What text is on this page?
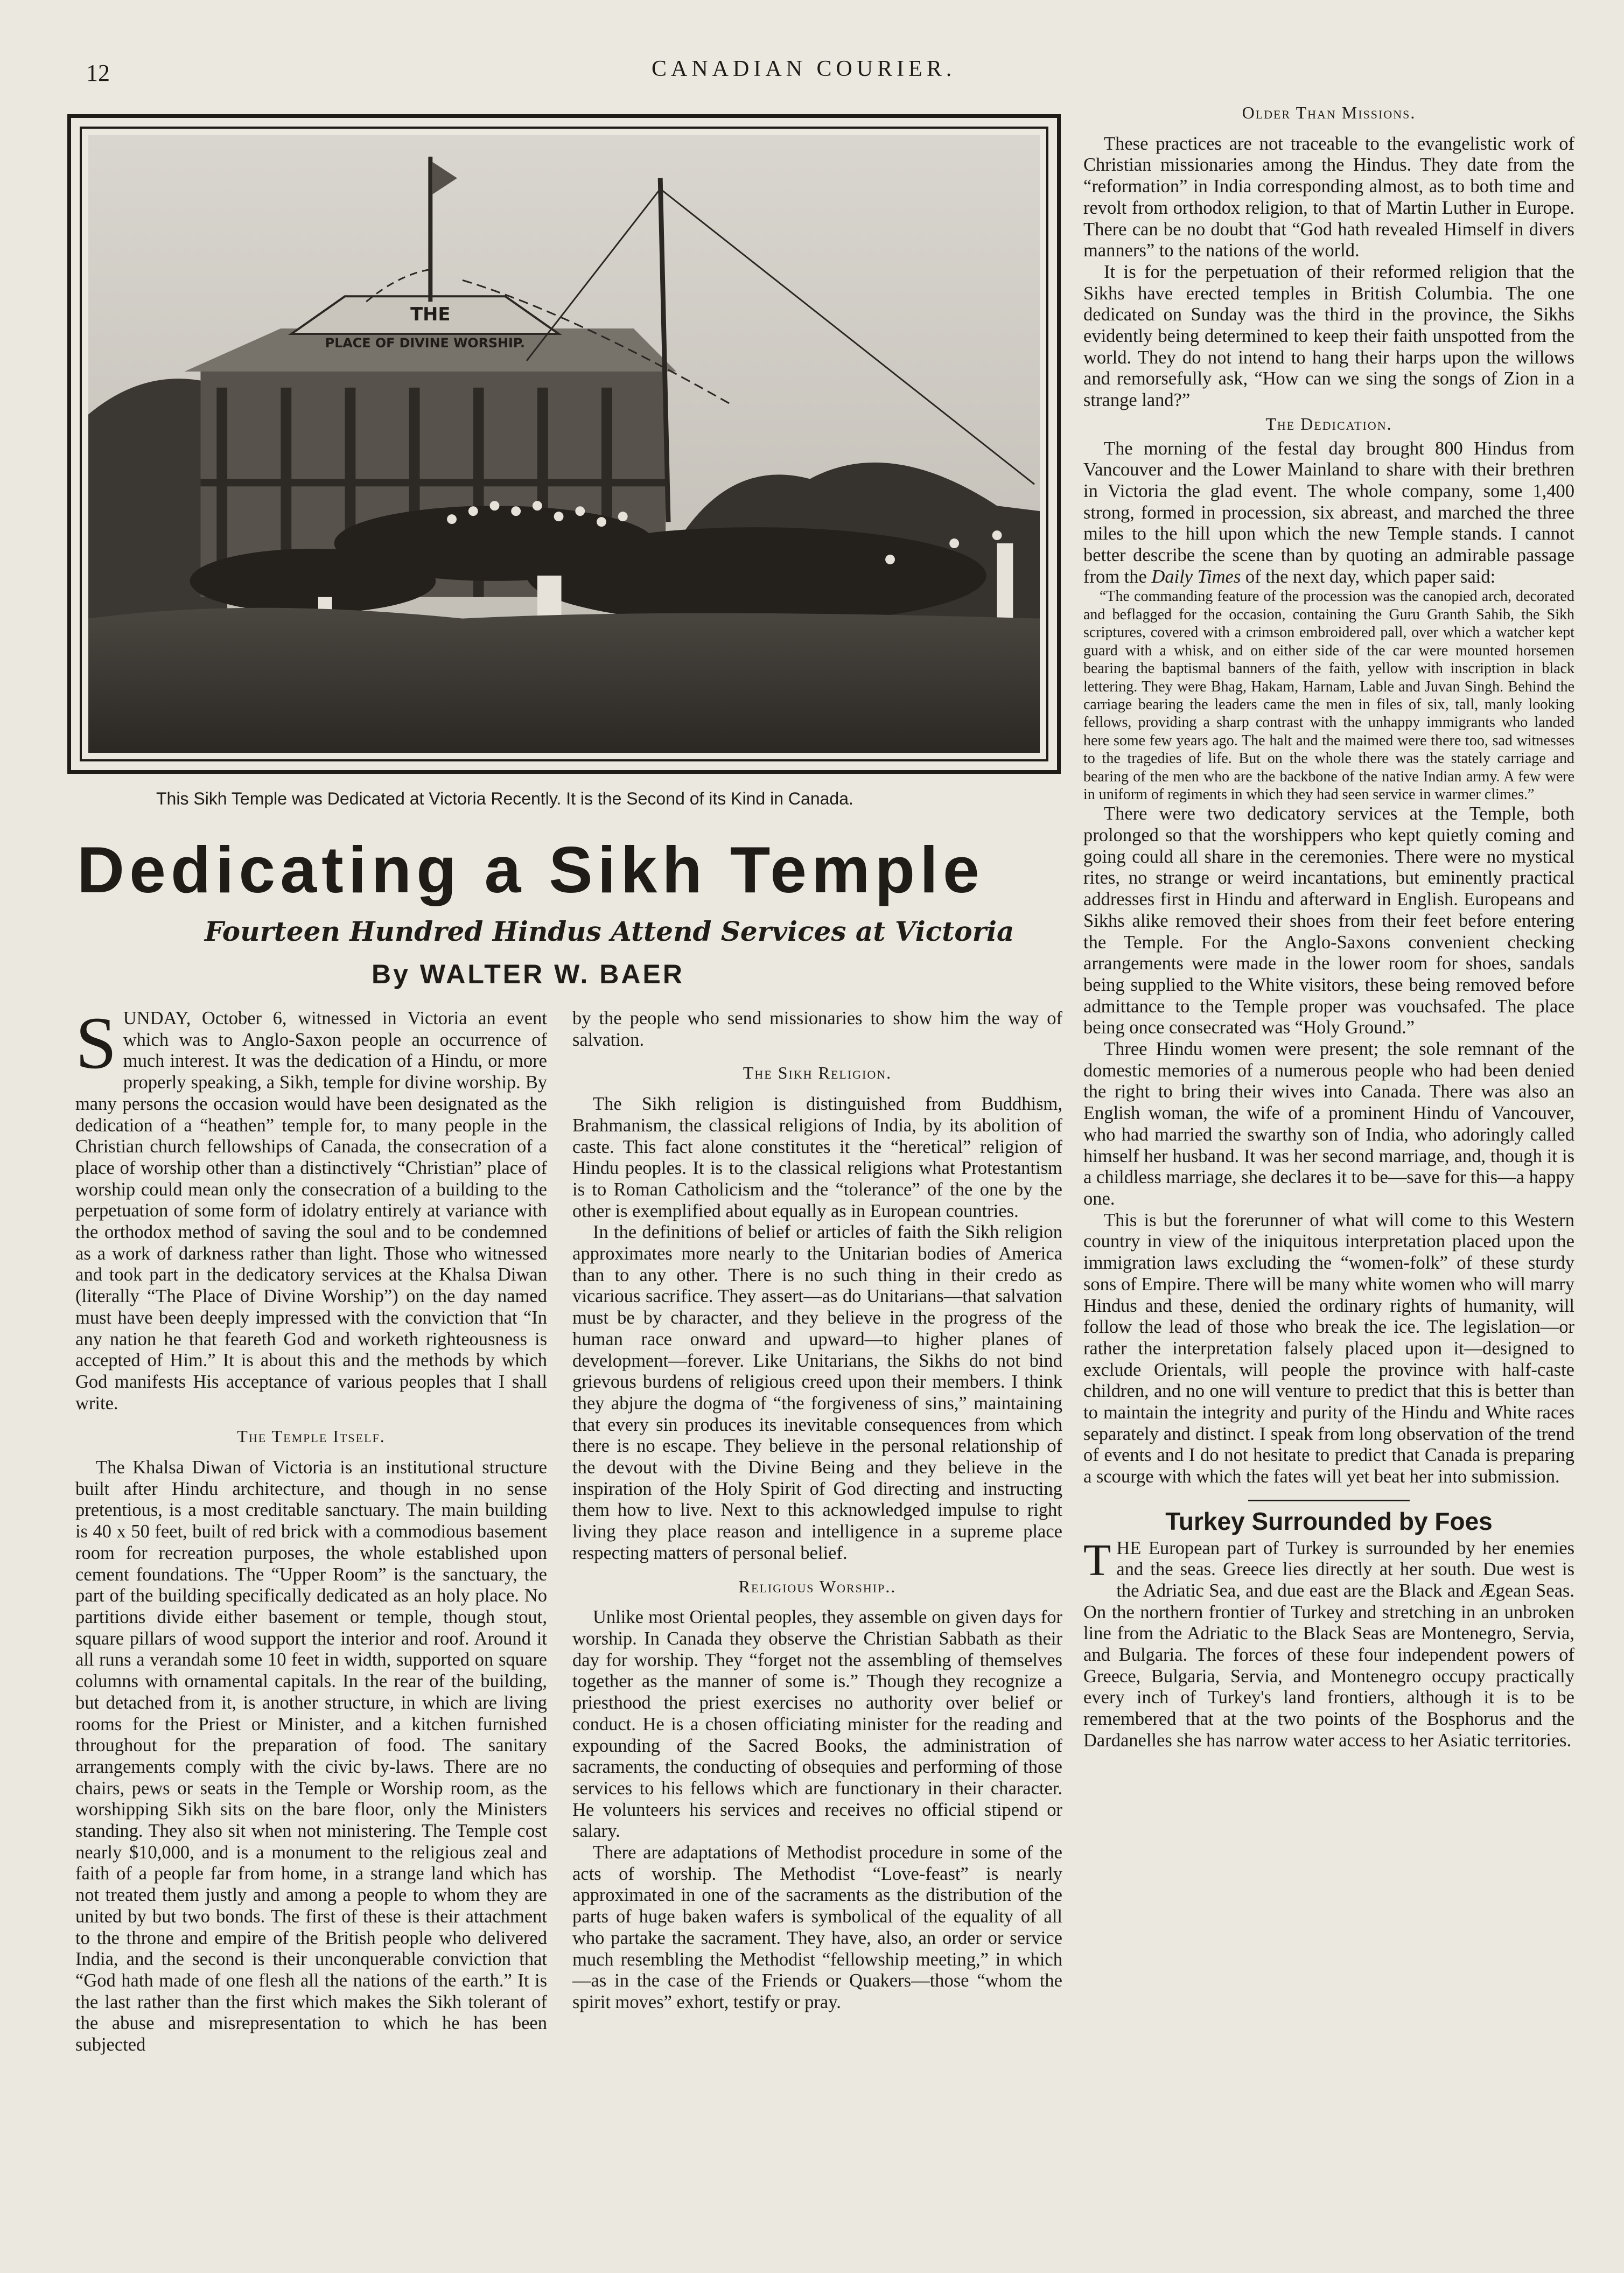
12	CANADIAN COURIER.
THE
PLACE OF DIVINE WORSHIP.
This Sikh Temple was Dedicated at Victoria Recently. It is the Second of its Kind in Canada.
Dedicating a Sikh Temple
Fourteen Hundred Hindus Attend Services at Victoria
By WALTER W. BAER

SUNDAY, October 6, witnessed in Victoria an event which was to Anglo-Saxon people an occurrence of much interest. It was the dedication of a Hindu, or more properly speaking, a Sikh, temple for divine worship. By many persons the occasion would have been designated as the dedication of a “heathen” temple for, to many people in the Christian church fellowships of Canada, the consecration of a place of worship other than a distinctively “Christian” place of worship could mean only the consecration of a building to the perpetuation of some form of idolatry entirely at variance with the orthodox method of saving the soul and to be condemned as a work of darkness rather than light. Those who witnessed and took part in the dedicatory services at the Khalsa Diwan (literally “The Place of Divine Worship”) on the day named must have been deeply impressed with the conviction that “In any nation he that feareth God and worketh righteousness is accepted of Him.” It is about this and the methods by which God manifests His acceptance of various peoples that I shall write.

The Temple Itself.

The Khalsa Diwan of Victoria is an institutional structure built after Hindu architecture, and though in no sense pretentious, is a most creditable sanctuary. The main building is 40 x 50 feet, built of red brick with a commodious basement room for recreation purposes, the whole established upon cement foundations. The “Upper Room” is the sanctuary, the part of the building specifically dedicated as an holy place. No partitions divide either basement or temple, though stout, square pillars of wood support the interior and roof. Around it all runs a verandah some 10 feet in width, supported on square columns with ornamental capitals. In the rear of the building, but detached from it, is another structure, in which are living rooms for the Priest or Minister, and a kitchen furnished throughout for the preparation of food. The sanitary arrangements comply with the civic by-laws. There are no chairs, pews or seats in the Temple or Worship room, as the worshipping Sikh sits on the bare floor, only the Ministers standing. They also sit when not ministering. The Temple cost nearly $10,000, and is a monument to the religious zeal and faith of a people far from home, in a strange land which has not treated them justly and among a people to whom they are united by but two bonds. The first of these is their attachment to the throne and empire of the British people who delivered India, and the second is their unconquerable conviction that “God hath made of one flesh all the nations of the earth.” It is the last rather than the first which makes the Sikh tolerant of the abuse and misrepresentation to which he has been subjected

by the people who send missionaries to show him the way of salvation.

The Sikh Religion.

The Sikh religion is distinguished from Buddhism, Brahmanism, the classical religions of India, by its abolition of caste. This fact alone constitutes it the “heretical” religion of Hindu peoples. It is to the classical religions what Protestantism is to Roman Catholicism and the “tolerance” of the one by the other is exemplified about equally as in European countries.

In the definitions of belief or articles of faith the Sikh religion approximates more nearly to the Unitarian bodies of America than to any other. There is no such thing in their credo as vicarious sacrifice. They assert—as do Unitarians—that salvation must be by character, and they believe in the progress of the human race onward and upward—to higher planes of development—forever. Like Unitarians, the Sikhs do not bind grievous burdens of religious creed upon their members. I think they abjure the dogma of “the forgiveness of sins,” maintaining that every sin produces its inevitable consequences from which there is no escape. They believe in the personal relationship of the devout with the Divine Being and they believe in the inspiration of the Holy Spirit of God directing and instructing them how to live. Next to this acknowledged impulse to right living they place reason and intelligence in a supreme place respecting matters of personal belief.

Religious Worship..

Unlike most Oriental peoples, they assemble on given days for worship. In Canada they observe the Christian Sabbath as their day for worship. They “forget not the assembling of themselves together as the manner of some is.” Though they recognize a priesthood the priest exercises no authority over belief or conduct. He is a chosen officiating minister for the reading and expounding of the Sacred Books, the administration of sacraments, the conducting of obsequies and performing of those services to his fellows which are functionary in their character. He volunteers his services and receives no official stipend or salary.

There are adaptations of Methodist procedure in some of the acts of worship. The Methodist “Love-feast” is nearly approximated in one of the sacraments as the distribution of the parts of huge baken wafers is symbolical of the equality of all who partake the sacrament. They have, also, an order or service much resembling the Methodist “fellowship meeting,” in which—as in the case of the Friends or Quakers—those “whom the spirit moves” exhort, testify or pray.

Older Than Missions.

These practices are not traceable to the evangelistic work of Christian missionaries among the Hindus. They date from the “reformation” in India corresponding almost, as to both time and revolt from orthodox religion, to that of Martin Luther in Europe. There can be no doubt that “God hath revealed Himself in divers manners” to the nations of the world.

It is for the perpetuation of their reformed religion that the Sikhs have erected temples in British Columbia. The one dedicated on Sunday was the third in the province, the Sikhs evidently being determined to keep their faith unspotted from the world. They do not intend to hang their harps upon the willows and remorsefully ask, “How can we sing the songs of Zion in a strange land?”

The Dedication.

The morning of the festal day brought 800 Hindus from Vancouver and the Lower Mainland to share with their brethren in Victoria the glad event. The whole company, some 1,400 strong, formed in procession, six abreast, and marched the three miles to the hill upon which the new Temple stands. I cannot better describe the scene than by quoting an admirable passage from the Daily Times of the next day, which paper said:

“The commanding feature of the procession was the canopied arch, decorated and beflagged for the occasion, containing the Guru Granth Sahib, the Sikh scriptures, covered with a crimson embroidered pall, over which a watcher kept guard with a whisk, and on either side of the car were mounted horsemen bearing the baptismal banners of the faith, yellow with inscription in black lettering. They were Bhag, Hakam, Harnam, Lable and Juvan Singh. Behind the carriage bearing the leaders came the men in files of six, tall, manly looking fellows, providing a sharp contrast with the unhappy immigrants who landed here some few years ago. The halt and the maimed were there too, sad witnesses to the tragedies of life. But on the whole there was the stately carriage and bearing of the men who are the backbone of the native Indian army. A few were in uniform of regiments in which they had seen service in warmer climes.”

There were two dedicatory services at the Temple, both prolonged so that the worshippers who kept quietly coming and going could all share in the ceremonies. There were no mystical rites, no strange or weird incantations, but eminently practical addresses first in Hindu and afterward in English. Europeans and Sikhs alike removed their shoes from their feet before entering the Temple. For the Anglo-Saxons convenient checking arrangements were made in the lower room for shoes, sandals being supplied to the White visitors, these being removed before admittance to the Temple proper was vouchsafed. The place being once consecrated was “Holy Ground.”

Three Hindu women were present; the sole remnant of the domestic memories of a numerous people who had been denied the right to bring their wives into Canada. There was also an English woman, the wife of a prominent Hindu of Vancouver, who had married the swarthy son of India, who adoringly called himself her husband. It was her second marriage, and, though it is a childless marriage, she declares it to be—save for this—a happy one.

This is but the forerunner of what will come to this Western country in view of the iniquitous interpretation placed upon the immigration laws excluding the “women-folk” of these sturdy sons of Empire. There will be many white women who will marry Hindus and these, denied the ordinary rights of humanity, will follow the lead of those who break the ice. The legislation—or rather the interpretation falsely placed upon it—designed to exclude Orientals, will people the province with half-caste children, and no one will venture to predict that this is better than to maintain the integrity and purity of the Hindu and White races separately and distinct. I speak from long observation of the trend of events and I do not hesitate to predict that Canada is preparing a scourge with which the fates will yet beat her into submission.

Turkey Surrounded by Foes

THE European part of Turkey is surrounded by her enemies and the seas. Greece lies directly at her south. Due west is the Adriatic Sea, and due east are the Black and Ægean Seas. On the northern frontier of Turkey and stretching in an unbroken line from the Adriatic to the Black Seas are Montenegro, Servia, and Bulgaria. The forces of these four independent powers of Greece, Bulgaria, Servia, and Montenegro occupy practically every inch of Turkey's land frontiers, although it is to be remembered that at the two points of the Bosphorus and the Dardanelles she has narrow water access to her Asiatic territories.
